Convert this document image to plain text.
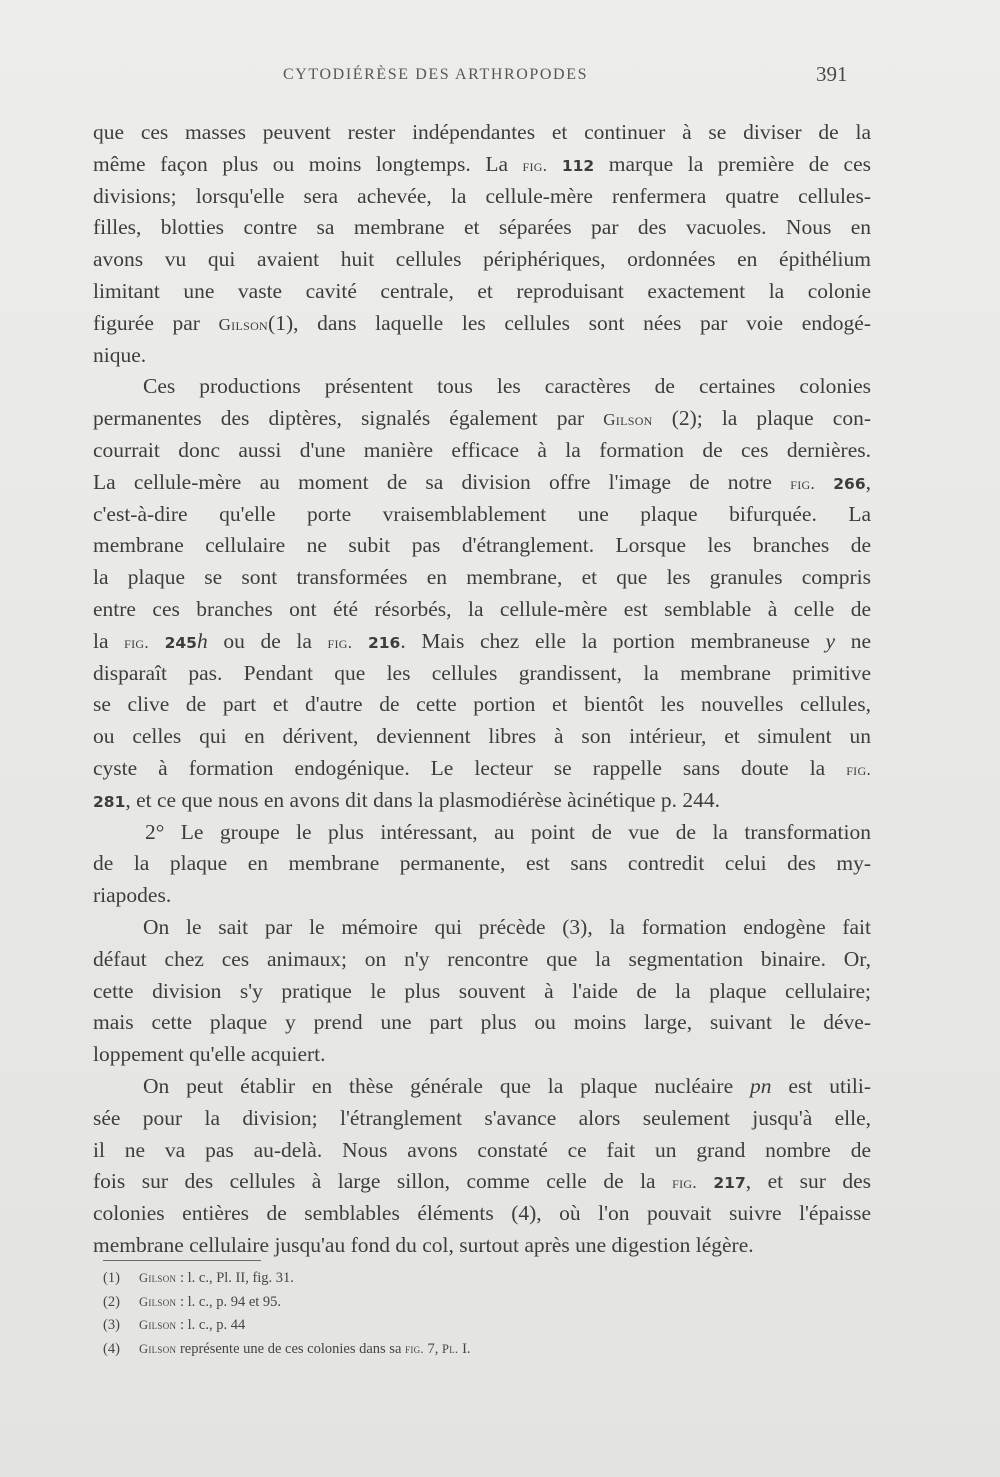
CYTODIÉRÈSE DES ARTHROPODES	391
que ces masses peuvent rester indépendantes et continuer à se diviser de la
même façon plus ou moins longtemps. La fig. 112 marque la première de ces
divisions; lorsqu'elle sera achevée, la cellule-mère renfermera quatre cellules-
filles, blotties contre sa membrane et séparées par des vacuoles. Nous en
avons vu qui avaient huit cellules périphériques, ordonnées en épithélium
limitant une vaste cavité centrale, et reproduisant exactement la colonie
figurée par Gilson(1), dans laquelle les cellules sont nées par voie endogé-
nique.
Ces productions présentent tous les caractères de certaines colonies
permanentes des diptères, signalés également par Gilson (2); la plaque con-
courrait donc aussi d'une manière efficace à la formation de ces dernières.
La cellule-mère au moment de sa division offre l'image de notre fig. 266,
c'est-à-dire qu'elle porte vraisemblablement une plaque bifurquée. La
membrane cellulaire ne subit pas d'étranglement. Lorsque les branches de
la plaque se sont transformées en membrane, et que les granules compris
entre ces branches ont été résorbés, la cellule-mère est semblable à celle de
la fig. 245h ou de la fig. 216. Mais chez elle la portion membraneuse y ne
disparaît pas. Pendant que les cellules grandissent, la membrane primitive
se clive de part et d'autre de cette portion et bientôt les nouvelles cellules,
ou celles qui en dérivent, deviennent libres à son intérieur, et simulent un
cyste à formation endogénique. Le lecteur se rappelle sans doute la fig.
281, et ce que nous en avons dit dans la plasmodiérèse àcinétique p. 244.
2° Le groupe le plus intéressant, au point de vue de la transformation
de la plaque en membrane permanente, est sans contredit celui des my-
riapodes.
On le sait par le mémoire qui précède (3), la formation endogène fait
défaut chez ces animaux; on n'y rencontre que la segmentation binaire. Or,
cette division s'y pratique le plus souvent à l'aide de la plaque cellulaire;
mais cette plaque y prend une part plus ou moins large, suivant le déve-
loppement qu'elle acquiert.
On peut établir en thèse générale que la plaque nucléaire pn est utili-
sée pour la division; l'étranglement s'avance alors seulement jusqu'à elle,
il ne va pas au-delà. Nous avons constaté ce fait un grand nombre de
fois sur des cellules à large sillon, comme celle de la fig. 217, et sur des
colonies entières de semblables éléments (4), où l'on pouvait suivre l'épaisse
membrane cellulaire jusqu'au fond du col, surtout après une digestion légère.
(1) Gilson : l. c., Pl. II, fig. 31.
(2) Gilson : l. c., p. 94 et 95.
(3) Gilson : l. c., p. 44
(4) Gilson représente une de ces colonies dans sa fig. 7, Pl. I.
